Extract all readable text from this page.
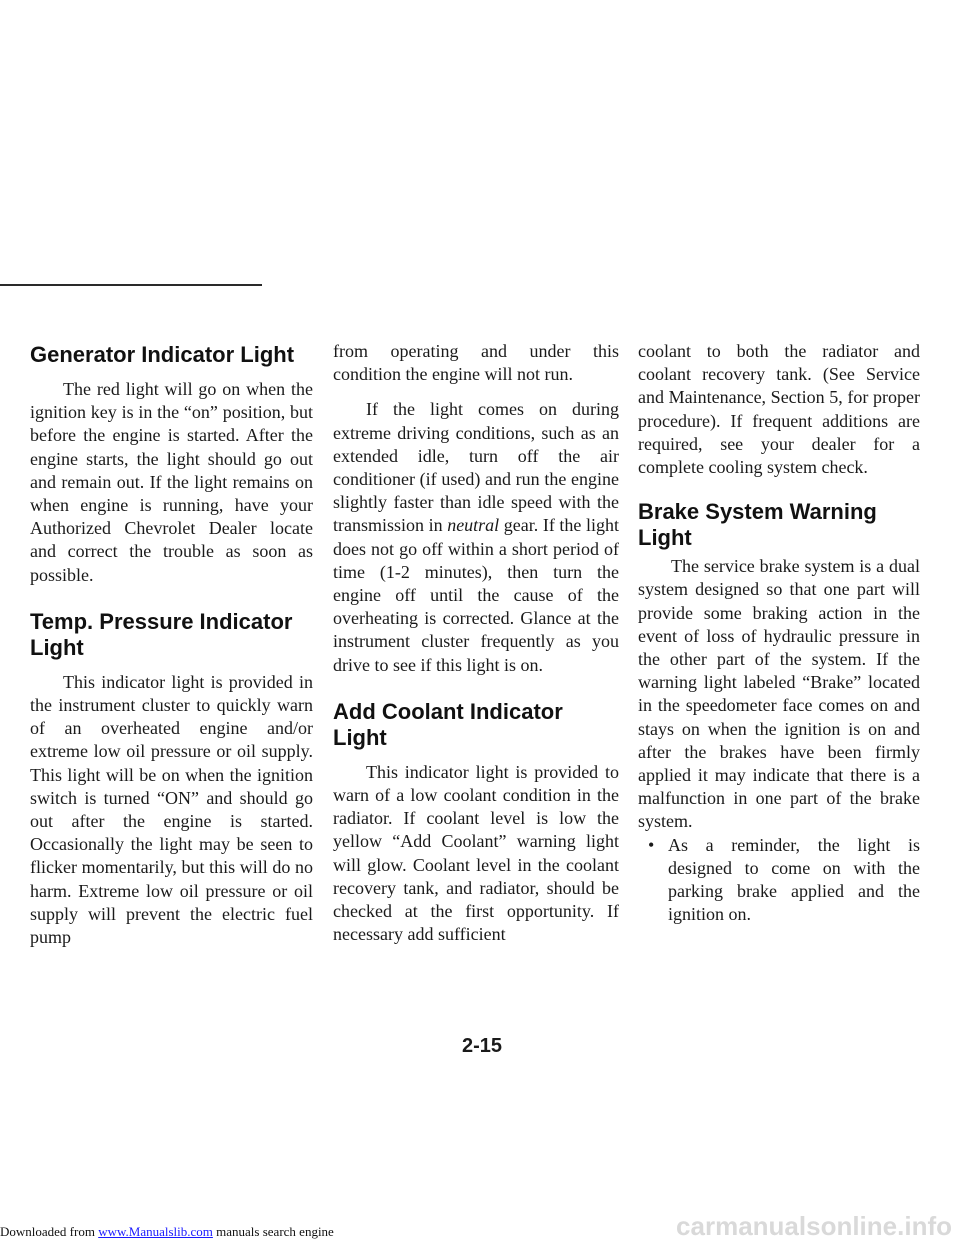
Generator Indicator Light

The red light will go on when the ignition key is in the “on” position, but before the engine is started. After the engine starts, the light should go out and remain out. If the light remains on when engine is running, have your Authorized Chevrolet Dealer locate and correct the trouble as soon as possible.

Temp. Pressure Indicator Light

This indicator light is provided in the instrument cluster to quickly warn of an overheated engine and/or extreme low oil pressure or oil supply. This light will be on when the ignition switch is turned “ON” and should go out after the engine is started. Occasionally the light may be seen to flicker momentarily, but this will do no harm. Extreme low oil pressure or oil supply will prevent the electric fuel pump

from operating and under this condition the engine will not run.

If the light comes on during extreme driving conditions, such as an extended idle, turn off the air conditioner (if used) and run the engine slightly faster than idle speed with the transmission in neutral gear. If the light does not go off within a short period of time (1-2 minutes), then turn the engine off until the cause of the overheating is corrected. Glance at the instrument cluster frequently as you drive to see if this light is on.

Add Coolant Indicator Light

This indicator light is provided to warn of a low coolant condition in the radiator. If coolant level is low the yellow “Add Coolant” warning light will glow. Coolant level in the coolant recovery tank, and radiator, should be checked at the first opportunity. If necessary add sufficient

coolant to both the radiator and coolant recovery tank. (See Service and Maintenance, Section 5, for proper procedure). If frequent additions are required, see your dealer for a complete cooling system check.

Brake System Warning Light

The service brake system is a dual system designed so that one part will provide some braking action in the event of loss of hydraulic pressure in the other part of the system. If the warning light labeled “Brake” located in the speedometer face comes on and stays on when the ignition is on and after the brakes have been firmly applied it may indicate that there is a malfunction in one part of the brake system.

• As a reminder, the light is designed to come on with the parking brake applied and the ignition on.
2-15
Downloaded from www.Manualslib.com manuals search engine	carmanualsonline.info
